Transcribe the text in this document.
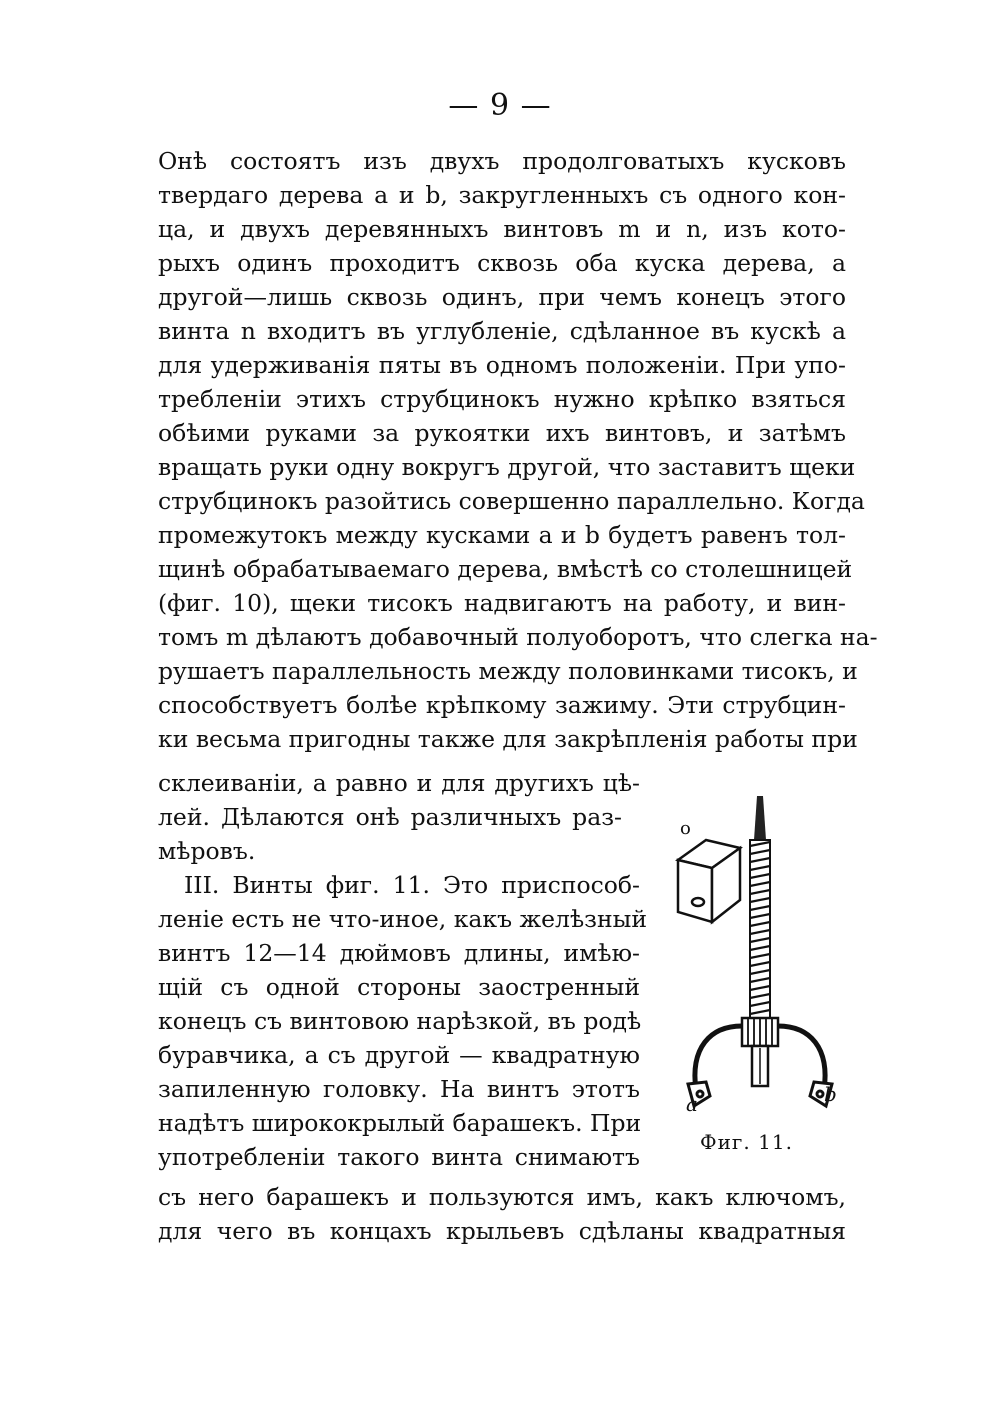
— 9 —
Онѣ состоятъ изъ двухъ продолговатыхъ кусковъ
твердаго дерева a и b, закругленныхъ съ одного кон-
ца, и двухъ деревянныхъ винтовъ m и n, изъ кото-
рыхъ одинъ проходитъ сквозь оба куска дерева, а
другой—лишь сквозь одинъ, при чемъ конецъ этого
винта n входитъ въ углубленіе, сдѣланное въ кускѣ a
для удерживанія пяты въ одномъ положеніи. При упо-
требленіи этихъ струбцинокъ нужно крѣпко взяться
обѣими руками за рукоятки ихъ винтовъ, и затѣмъ
вращать руки одну вокругъ другой, что заставитъ щеки
струбцинокъ разойтись совершенно параллельно. Когда
промежутокъ между кусками a и b будетъ равенъ тол-
щинѣ обрабатываемаго дерева, вмѣстѣ со столешницей
(фиг. 10), щеки тисокъ надвигаютъ на работу, и вин-
томъ m дѣлаютъ добавочный полуоборотъ, что слегка на-
рушаетъ параллельность между половинками тисокъ, и
способствуетъ болѣе крѣпкому зажиму. Эти струбцин-
ки весьма пригодны также для закрѣпленія работы при
склеиваніи, а равно и для другихъ цѣ-
лей. Дѣлаются онѣ различныхъ раз-
мѣровъ.
III. Винты фиг. 11. Это приспособ-
леніе есть не что-иное, какъ желѣзный
винтъ 12—14 дюймовъ длины, имѣю-
щій съ одной стороны заостренный
конецъ съ винтовою нарѣзкой, въ родѣ
буравчика, а съ другой — квадратную
запиленную головку. На винтъ этотъ
надѣтъ ширококрылый барашекъ. При
употребленіи такого винта снимаютъ
съ него барашекъ и пользуются имъ, какъ ключомъ,
для чего въ концахъ крыльевъ сдѣланы квадратныя
o
a	b
Фиг. 11.
